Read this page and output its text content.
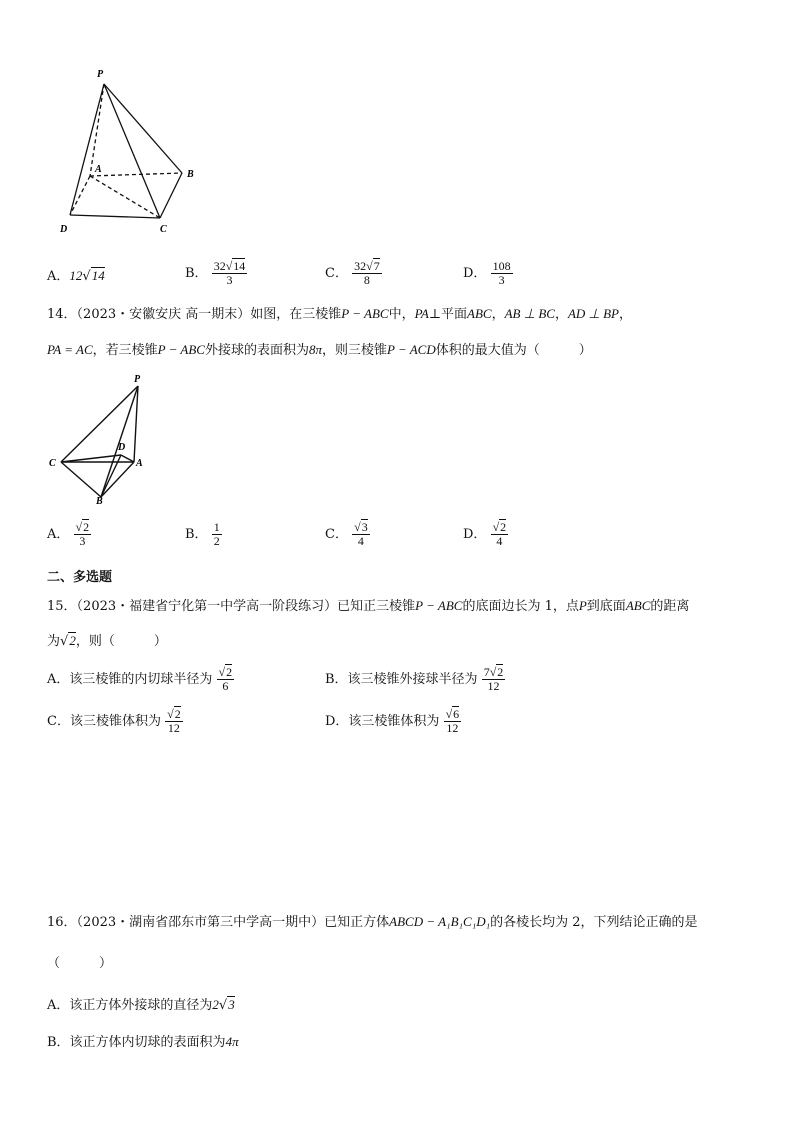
P
A	B
C
D
A．12√14	B． $\frac{32√14}{3}$	C． $\frac{32√7}{8}$	D． $\frac{108}{3}$
14．（2023・安徽安庆 高一期末）如图，在三棱锥P − ABC中，PA⊥平面ABC，AB ⊥ BC，AD ⊥ BP，
PA = AC，若三棱锥P − ABC外接球的表面积为8π，则三棱锥P − ACD体积的最大值为（　　　）
P
D
C	A
B
A． $\frac{√2}{3}$	B． $\frac{1}{2}$	C． $\frac{√3}{4}$	D． $\frac{√2}{4}$
二、多选题
15．（2023・福建省宁化第一中学高一阶段练习）已知正三棱锥P − ABC的底面边长为 1，点P到底面ABC的距离
为√2，则（　　　）
A．该三棱锥的内切球半径为 $\frac{√2}{6}$	B．该三棱锥外接球半径为 $\frac{7√2}{12}$
C．该三棱锥体积为 $\frac{√2}{12}$	D．该三棱锥体积为 $\frac{√6}{12}$
16．（2023・湖南省邵东市第三中学高一期中）已知正方体ABCD − A₁B₁C₁D₁的各棱长均为 2，下列结论正确的是
（　　　）
A．该正方体外接球的直径为2√3
B．该正方体内切球的表面积为4π
